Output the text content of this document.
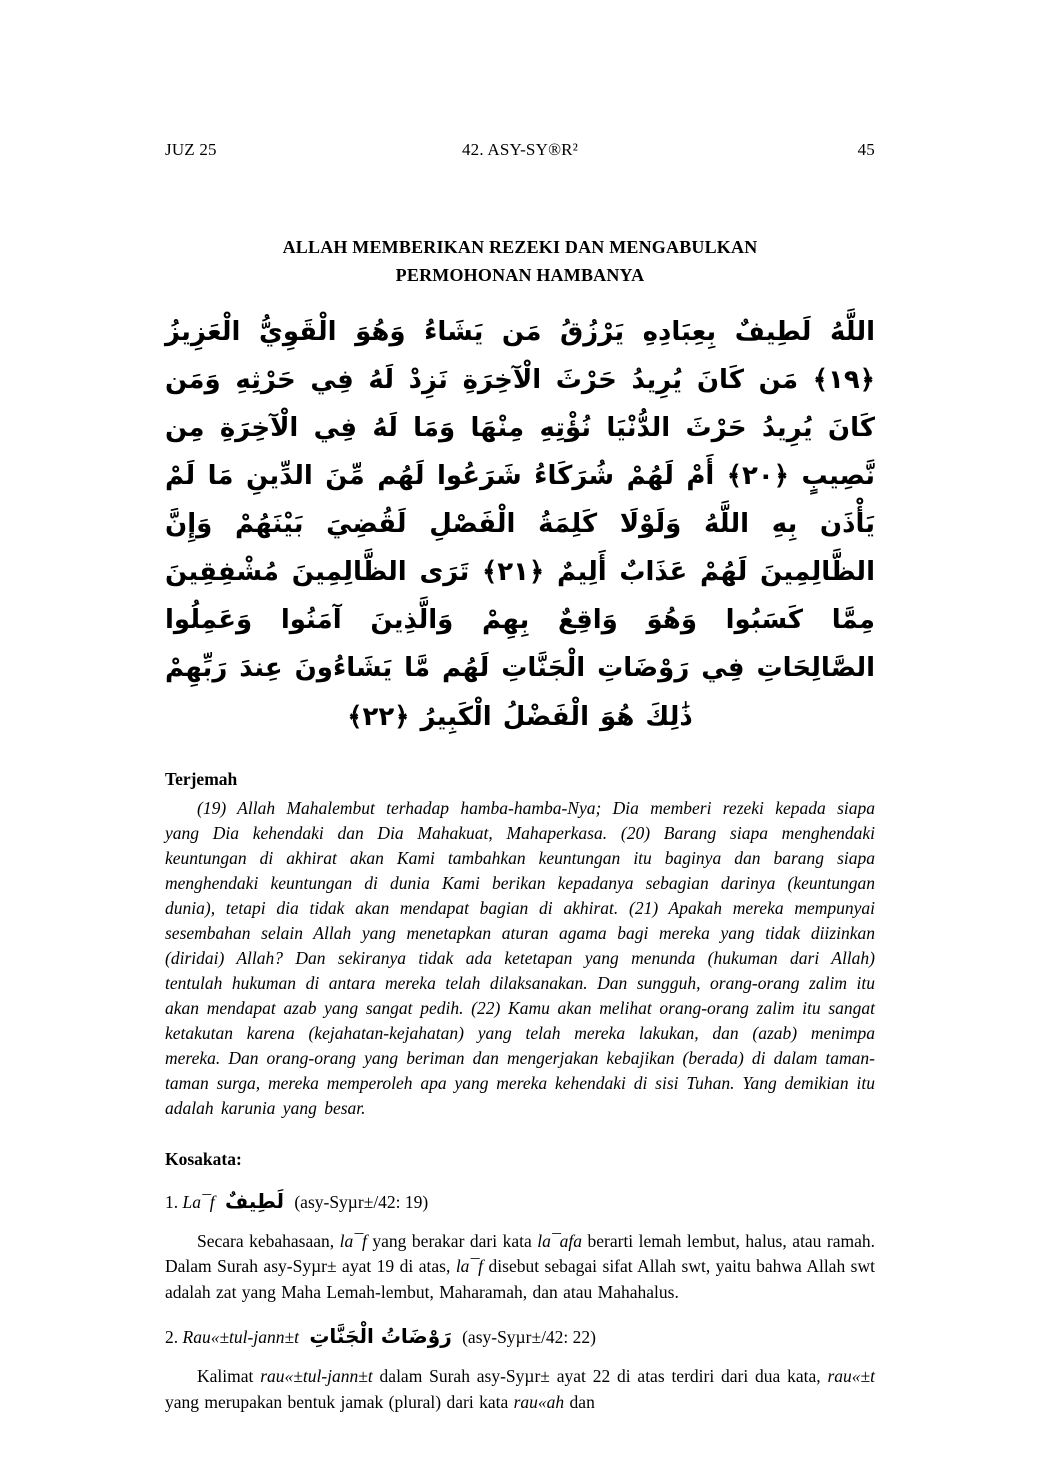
JUZ 25	42. ASY-SY®R²	45
ALLAH MEMBERIKAN REZEKI DAN MENGABULKAN
PERMOHONAN HAMBANYA
اللَّهُ لَطِيفٌ بِعِبَادِهِ يَرْزُقُ مَن يَشَاءُ وَهُوَ الْقَوِيُّ الْعَزِيزُ ﴿١٩﴾ مَن كَانَ يُرِيدُ حَرْثَ الْآخِرَةِ نَزِدْ لَهُ فِي حَرْثِهِ وَمَن كَانَ يُرِيدُ حَرْثَ الدُّنْيَا نُؤْتِهِ مِنْهَا وَمَا لَهُ فِي الْآخِرَةِ مِن نَّصِيبٍ ﴿٢٠﴾ أَمْ لَهُمْ شُرَكَاءُ شَرَعُوا لَهُم مِّنَ الدِّينِ مَا لَمْ يَأْذَن بِهِ اللَّهُ وَلَوْلَا كَلِمَةُ الْفَصْلِ لَقُضِيَ بَيْنَهُمْ وَإِنَّ الظَّالِمِينَ لَهُمْ عَذَابٌ أَلِيمٌ ﴿٢١﴾ تَرَى الظَّالِمِينَ مُشْفِقِينَ مِمَّا كَسَبُوا وَهُوَ وَاقِعٌ بِهِمْ وَالَّذِينَ آمَنُوا وَعَمِلُوا الصَّالِحَاتِ فِي رَوْضَاتِ الْجَنَّاتِ لَهُم مَّا يَشَاءُونَ عِندَ رَبِّهِمْ ذَٰلِكَ هُوَ الْفَضْلُ الْكَبِيرُ ﴿٢٢﴾
Terjemah

(19) Allah Mahalembut terhadap hamba-hamba-Nya; Dia memberi rezeki kepada siapa yang Dia kehendaki dan Dia Mahakuat, Mahaperkasa. (20) Barang siapa menghendaki keuntungan di akhirat akan Kami tambahkan keuntungan itu baginya dan barang siapa menghendaki keuntungan di dunia Kami berikan kepadanya sebagian darinya (keuntungan dunia), tetapi dia tidak akan mendapat bagian di akhirat. (21) Apakah mereka mempunyai sesembahan selain Allah yang menetapkan aturan agama bagi mereka yang tidak diizinkan (diridai) Allah? Dan sekiranya tidak ada ketetapan yang menunda (hukuman dari Allah) tentulah hukuman di antara mereka telah dilaksanakan. Dan sungguh, orang-orang zalim itu akan mendapat azab yang sangat pedih. (22) Kamu akan melihat orang-orang zalim itu sangat ketakutan karena (kejahatan-kejahatan) yang telah mereka lakukan, dan (azab) menimpa mereka. Dan orang-orang yang beriman dan mengerjakan kebajikan (berada) di dalam taman-taman surga, mereka memperoleh apa yang mereka kehendaki di sisi Tuhan. Yang demikian itu adalah karunia yang besar.

Kosakata:
1. La¯f لَطِيفٌ (asy-Syµr±/42: 19)

Secara kebahasaan, la¯f yang berakar dari kata la¯afa berarti lemah lembut, halus, atau ramah. Dalam Surah asy-Syµr± ayat 19 di atas, la¯f disebut sebagai sifat Allah swt, yaitu bahwa Allah swt adalah zat yang Maha Lemah-lembut, Maharamah, dan atau Mahahalus.

2. Rau«±tul-jann±t رَوْضَاتُ الْجَنَّاتِ (asy-Syµr±/42: 22)

Kalimat rau«±tul-jann±t dalam Surah asy-Syµr± ayat 22 di atas terdiri dari dua kata, rau«±t yang merupakan bentuk jamak (plural) dari kata rau«ah dan
